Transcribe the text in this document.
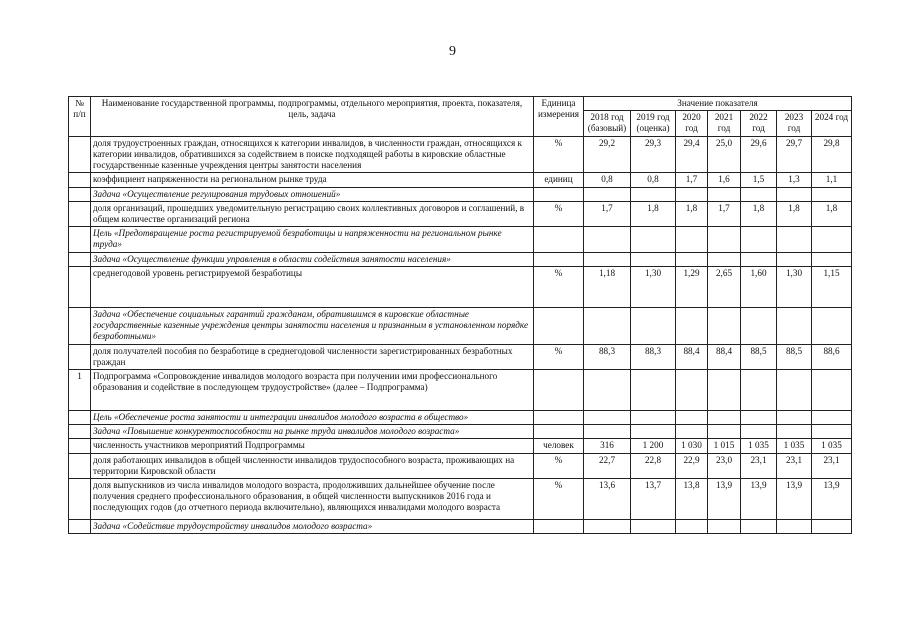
9
№ п/п	Наименование государственной программы, подпрограммы, отдельного мероприятия, проекта, показателя, цель, задача	Единица измерения	Значение показателя						
			2018 год (базовый)	2019 год (оценка)	2020 год	2021 год	2022 год	2023 год	2024 год
	доля трудоустроенных граждан, относящихся к категории инвалидов, в численности граждан, относящихся к категории инвалидов, обратившихся за содействием в поиске подходящей работы в кировские областные государственные казенные учреждения центры занятости населения	%	29,2	29,3	29,4	25,0	29,6	29,7	29,8
	коэффициент напряженности на региональном рынке труда	единиц	0,8	0,8	1,7	1,6	1,5	1,3	1,1
	Задача «Осуществление регулирования трудовых отношений»								
	доля организаций, прошедших уведомительную регистрацию своих коллективных договоров и соглашений, в общем количестве организаций региона	%	1,7	1,8	1,8	1,7	1,8	1,8	1,8
	Цель «Предотвращение роста регистрируемой безработицы и напряженности на региональном рынке труда»								
	Задача «Осуществление функции управления в области содействия занятости населения»								
	среднегодовой уровень регистрируемой безработицы	%	1,18	1,30	1,29	2,65	1,60	1,30	1,15
	Задача «Обеспечение социальных гарантий гражданам, обратившимся в кировские областные государственные казенные учреждения центры занятости населения и признанным в установленном порядке безработными»								
	доля получателей пособия по безработице в среднегодовой численности зарегистрированных безработных граждан	%	88,3	88,3	88,4	88,4	88,5	88,5	88,6
1	Подпрограмма «Сопровождение инвалидов молодого возраста при получении ими профессионального образования и содействие в последующем трудоустройстве» (далее – Подпрограмма)								
	Цель «Обеспечение роста занятости и интеграции инвалидов молодого возраста в общество»								
	Задача «Повышение конкурентоспособности на рынке труда инвалидов молодого возраста»								
	численность участников мероприятий Подпрограммы	человек	316	1 200	1 030	1 015	1 035	1 035	1 035
	доля работающих инвалидов в общей численности инвалидов трудоспособного возраста, проживающих на территории Кировской области	%	22,7	22,8	22,9	23,0	23,1	23,1	23,1
	доля выпускников из числа инвалидов молодого возраста, продолживших дальнейшее обучение после получения среднего профессионального образования, в общей численности выпускников 2016 года и последующих годов (до отчетного периода включительно), являющихся инвалидами молодого возраста	%	13,6	13,7	13,8	13,9	13,9	13,9	13,9
	Задача «Содействие трудоустройству инвалидов молодого возраста»								
